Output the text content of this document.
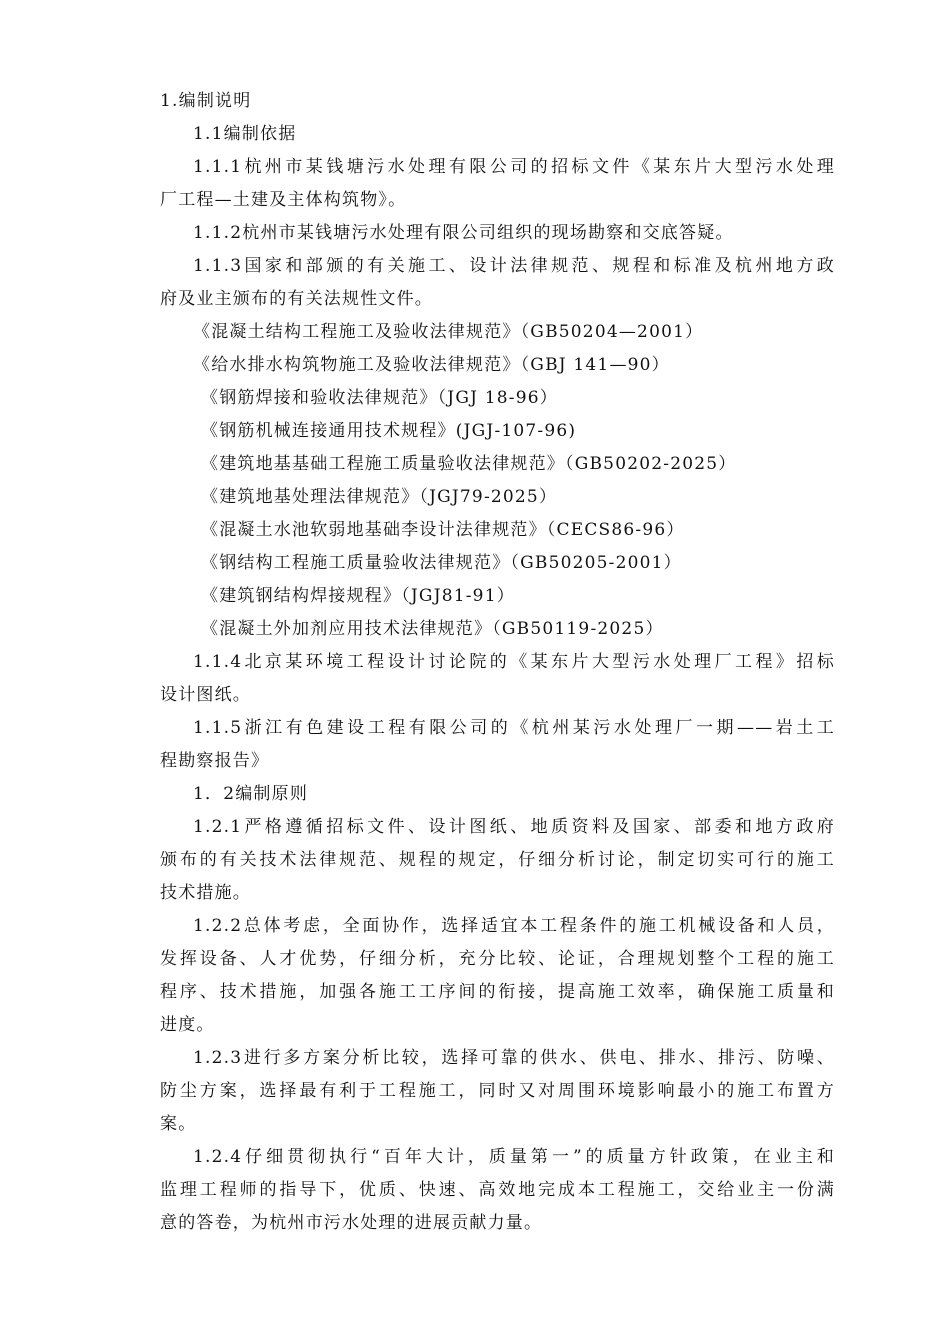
1.编制说明
1.1编制依据
1.1.1杭州市某钱塘污水处理有限公司的招标文件《某东片大型污水处理
厂工程—土建及主体构筑物》。
1.1.2杭州市某钱塘污水处理有限公司组织的现场勘察和交底答疑。
1.1.3国家和部颁的有关施工、设计法律规范、规程和标准及杭州地方政
府及业主颁布的有关法规性文件。
《混凝土结构工程施工及验收法律规范》（GB50204—2001）
《给水排水构筑物施工及验收法律规范》（GBJ 141—90）
《钢筋焊接和验收法律规范》（JGJ 18-96）
《钢筋机械连接通用技术规程》(JGJ-107-96)
《建筑地基基础工程施工质量验收法律规范》（GB50202-2025）
《建筑地基处理法律规范》（JGJ79-2025）
《混凝土水池软弱地基础李设计法律规范》（CECS86-96）
《钢结构工程施工质量验收法律规范》（GB50205-2001）
《建筑钢结构焊接规程》（JGJ81-91）
《混凝土外加剂应用技术法律规范》（GB50119-2025）
1.1.4北京某环境工程设计讨论院的《某东片大型污水处理厂工程》招标
设计图纸。
1.1.5浙江有色建设工程有限公司的《杭州某污水处理厂一期——岩土工
程勘察报告》
1．2编制原则
1.2.1严格遵循招标文件、设计图纸、地质资料及国家、部委和地方政府
颁布的有关技术法律规范、规程的规定，仔细分析讨论，制定切实可行的施工
技术措施。
1.2.2总体考虑，全面协作，选择适宜本工程条件的施工机械设备和人员，
发挥设备、人才优势，仔细分析，充分比较、论证，合理规划整个工程的施工
程序、技术措施，加强各施工工序间的衔接，提高施工效率，确保施工质量和
进度。
1.2.3进行多方案分析比较，选择可靠的供水、供电、排水、排污、防噪、
防尘方案，选择最有利于工程施工，同时又对周围环境影响最小的施工布置方
案。
1.2.4仔细贯彻执行“百年大计，质量第一”的质量方针政策，在业主和
监理工程师的指导下，优质、快速、高效地完成本工程施工，交给业主一份满
意的答卷，为杭州市污水处理的进展贡献力量。
